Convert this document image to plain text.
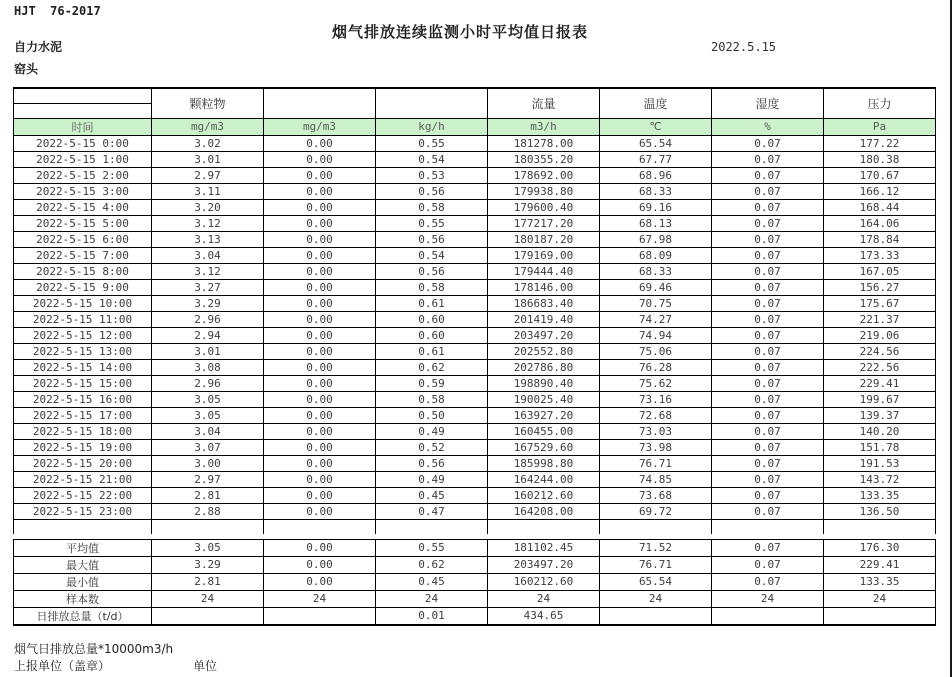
HJT  76-2017
烟气排放连续监测小时平均值日报表
2022.5.15
自力水泥
窑头
	颗粒物			流量	温度	湿度	压力

时间	mg/m3	mg/m3	kg/h	m3/h	℃	%	Pa
2022-5-15 0:00	3.02	0.00	0.55	181278.00	65.54	0.07	177.22
2022-5-15 1:00	3.01	0.00	0.54	180355.20	67.77	0.07	180.38
2022-5-15 2:00	2.97	0.00	0.53	178692.00	68.96	0.07	170.67
2022-5-15 3:00	3.11	0.00	0.56	179938.80	68.33	0.07	166.12
2022-5-15 4:00	3.20	0.00	0.58	179600.40	69.16	0.07	168.44
2022-5-15 5:00	3.12	0.00	0.55	177217.20	68.13	0.07	164.06
2022-5-15 6:00	3.13	0.00	0.56	180187.20	67.98	0.07	178.84
2022-5-15 7:00	3.04	0.00	0.54	179169.00	68.09	0.07	173.33
2022-5-15 8:00	3.12	0.00	0.56	179444.40	68.33	0.07	167.05
2022-5-15 9:00	3.27	0.00	0.58	178146.00	69.46	0.07	156.27
2022-5-15 10:00	3.29	0.00	0.61	186683.40	70.75	0.07	175.67
2022-5-15 11:00	2.96	0.00	0.60	201419.40	74.27	0.07	221.37
2022-5-15 12:00	2.94	0.00	0.60	203497.20	74.94	0.07	219.06
2022-5-15 13:00	3.01	0.00	0.61	202552.80	75.06	0.07	224.56
2022-5-15 14:00	3.08	0.00	0.62	202786.80	76.28	0.07	222.56
2022-5-15 15:00	2.96	0.00	0.59	198890.40	75.62	0.07	229.41
2022-5-15 16:00	3.05	0.00	0.58	190025.40	73.16	0.07	199.67
2022-5-15 17:00	3.05	0.00	0.50	163927.20	72.68	0.07	139.37
2022-5-15 18:00	3.04	0.00	0.49	160455.00	73.03	0.07	140.20
2022-5-15 19:00	3.07	0.00	0.52	167529.60	73.98	0.07	151.78
2022-5-15 20:00	3.00	0.00	0.56	185998.80	76.71	0.07	191.53
2022-5-15 21:00	2.97	0.00	0.49	164244.00	74.85	0.07	143.72
2022-5-15 22:00	2.81	0.00	0.45	160212.60	73.68	0.07	133.35
2022-5-15 23:00	2.88	0.00	0.47	164208.00	69.72	0.07	136.50

平均值	3.05	0.00	0.55	181102.45	71.52	0.07	176.30
最大值	3.29	0.00	0.62	203497.20	76.71	0.07	229.41
最小值	2.81	0.00	0.45	160212.60	65.54	0.07	133.35
样本数	24	24	24	24	24	24	24
日排放总量（t/d）			0.01	434.65			
烟气日排放总量*10000m3/h
上报单位（盖章）	单位
